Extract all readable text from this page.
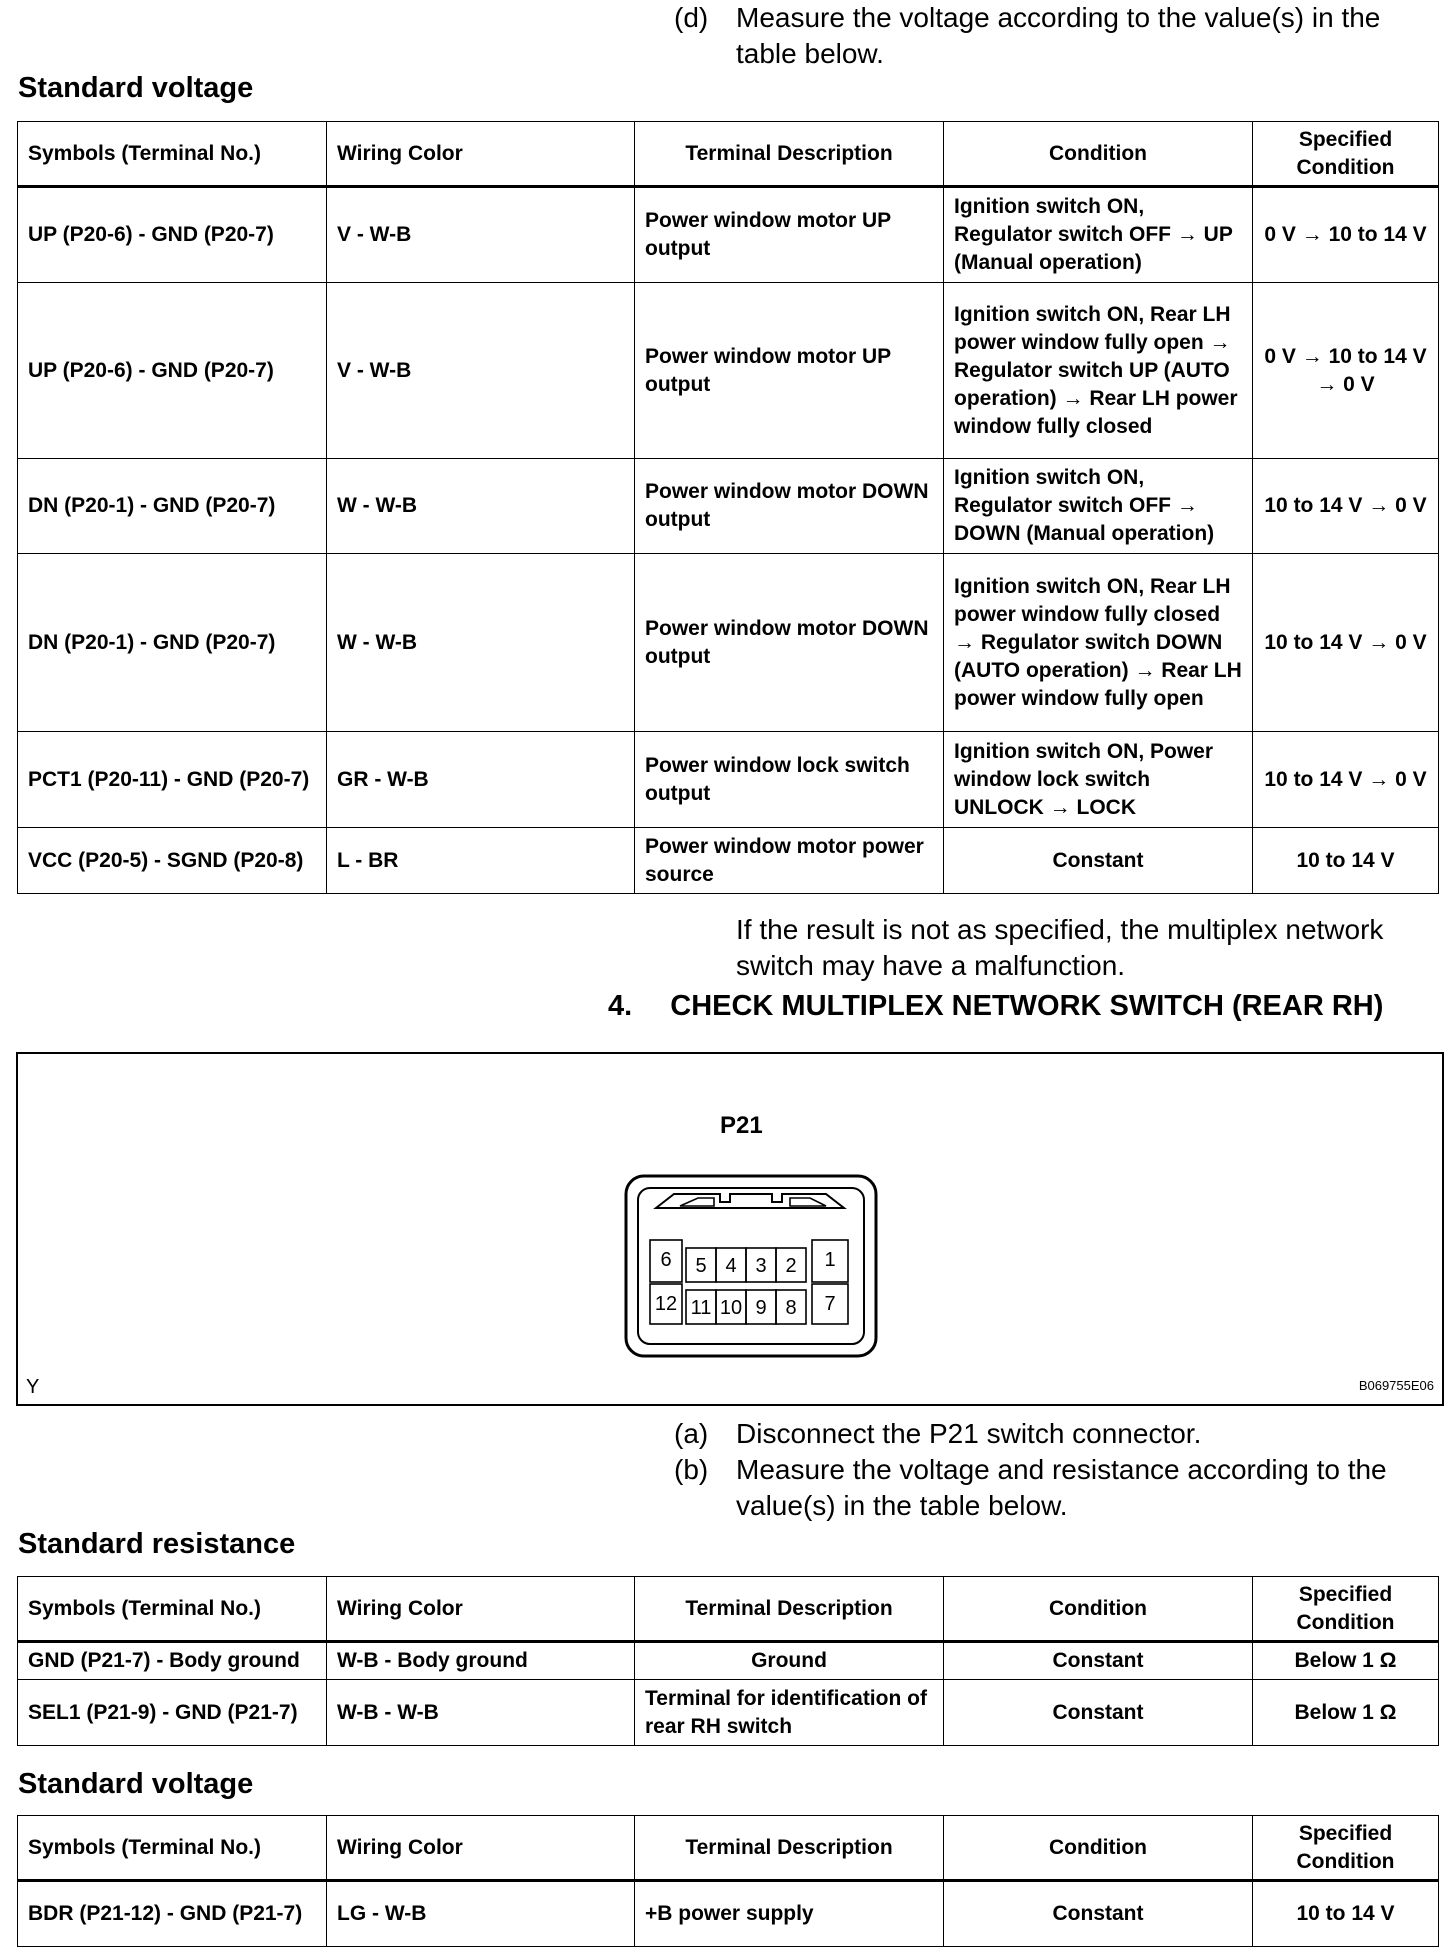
(d) Measure the voltage according to the value(s) in the table below.
Standard voltage
Symbols (Terminal No.)	Wiring Color	Terminal Description	Condition	Specified Condition
UP (P20-6) - GND (P20-7)	V - W-B	Power window motor UP output	Ignition switch ON, Regulator switch OFF → UP (Manual operation)	0 V → 10 to 14 V
UP (P20-6) - GND (P20-7)	V - W-B	Power window motor UP output	Ignition switch ON, Rear LH power window fully open → Regulator switch UP (AUTO operation) → Rear LH power window fully closed	0 V → 10 to 14 V → 0 V
DN (P20-1) - GND (P20-7)	W - W-B	Power window motor DOWN output	Ignition switch ON, Regulator switch OFF → DOWN (Manual operation)	10 to 14 V → 0 V
DN (P20-1) - GND (P20-7)	W - W-B	Power window motor DOWN output	Ignition switch ON, Rear LH power window fully closed → Regulator switch DOWN (AUTO operation) → Rear LH power window fully open	10 to 14 V → 0 V
PCT1 (P20-11) - GND (P20-7)	GR - W-B	Power window lock switch output	Ignition switch ON, Power window lock switch UNLOCK → LOCK	10 to 14 V → 0 V
VCC (P20-5) - SGND (P20-8)	L - BR	Power window motor power source	Constant	10 to 14 V
If the result is not as specified, the multiplex network switch may have a malfunction.
4. CHECK MULTIPLEX NETWORK SWITCH (REAR RH)
P21
6 5 4 3 2 1
12 11 10 9 8 7
Y	B069755E06
(a) Disconnect the P21 switch connector.
(b) Measure the voltage and resistance according to the value(s) in the table below.
Standard resistance
Symbols (Terminal No.)	Wiring Color	Terminal Description	Condition	Specified Condition
GND (P21-7) - Body ground	W-B - Body ground	Ground	Constant	Below 1 Ω
SEL1 (P21-9) - GND (P21-7)	W-B - W-B	Terminal for identification of rear RH switch	Constant	Below 1 Ω
Standard voltage
Symbols (Terminal No.)	Wiring Color	Terminal Description	Condition	Specified Condition
BDR (P21-12) - GND (P21-7)	LG - W-B	+B power supply	Constant	10 to 14 V
